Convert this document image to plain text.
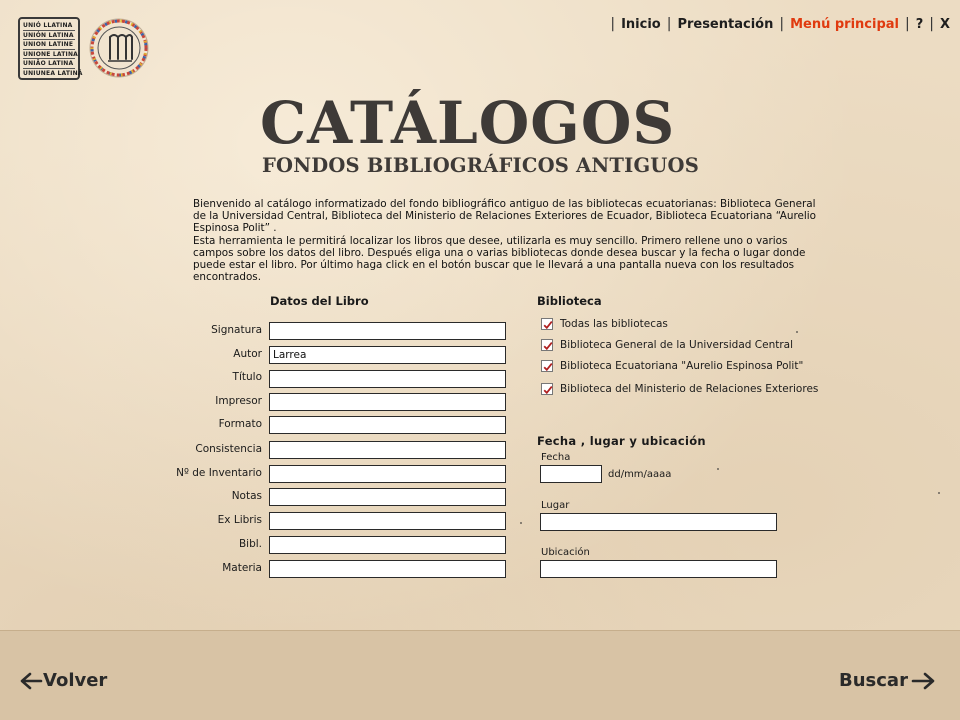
UNIÓ LLATINA
UNIÓN LATINA
UNION LATINE
UNIONE LATINA
UNIÃO LATINA
UNIUNEA LATINĂ
| Inicio | Presentación | Menú principal | ? | X
CATÁLOGOS
FONDOS BIBLIOGRÁFICOS ANTIGUOS
Bienvenido al catálogo informatizado del fondo bibliográfico antiguo de las bibliotecas ecuatorianas: Biblioteca General de la Universidad Central, Biblioteca del Ministerio de Relaciones Exteriores de Ecuador, Biblioteca Ecuatoriana “Aurelio Espinosa Polit” .
Esta herramienta le permitirá localizar los libros que desee, utilizarla es muy sencillo. Primero rellene uno o varios campos sobre los datos del libro. Después eliga una o varias bibliotecas donde desea buscar y la fecha o lugar donde puede estar el libro. Por último haga click en el botón buscar que le llevará a una pantalla nueva con los resultados encontrados.
Datos del Libro
Signatura
Autor
Larrea
Título
Impresor
Formato
Consistencia
Nº de Inventario
Notas
Ex Libris
Bibl.
Materia
Biblioteca
Todas las bibliotecas
Biblioteca General de la Universidad Central
Biblioteca Ecuatoriana "Aurelio Espinosa Polit"
Biblioteca del Ministerio de Relaciones Exteriores
Fecha , lugar y ubicación
Fecha
dd/mm/aaaa
Lugar
Ubicación
Volver	Buscar
